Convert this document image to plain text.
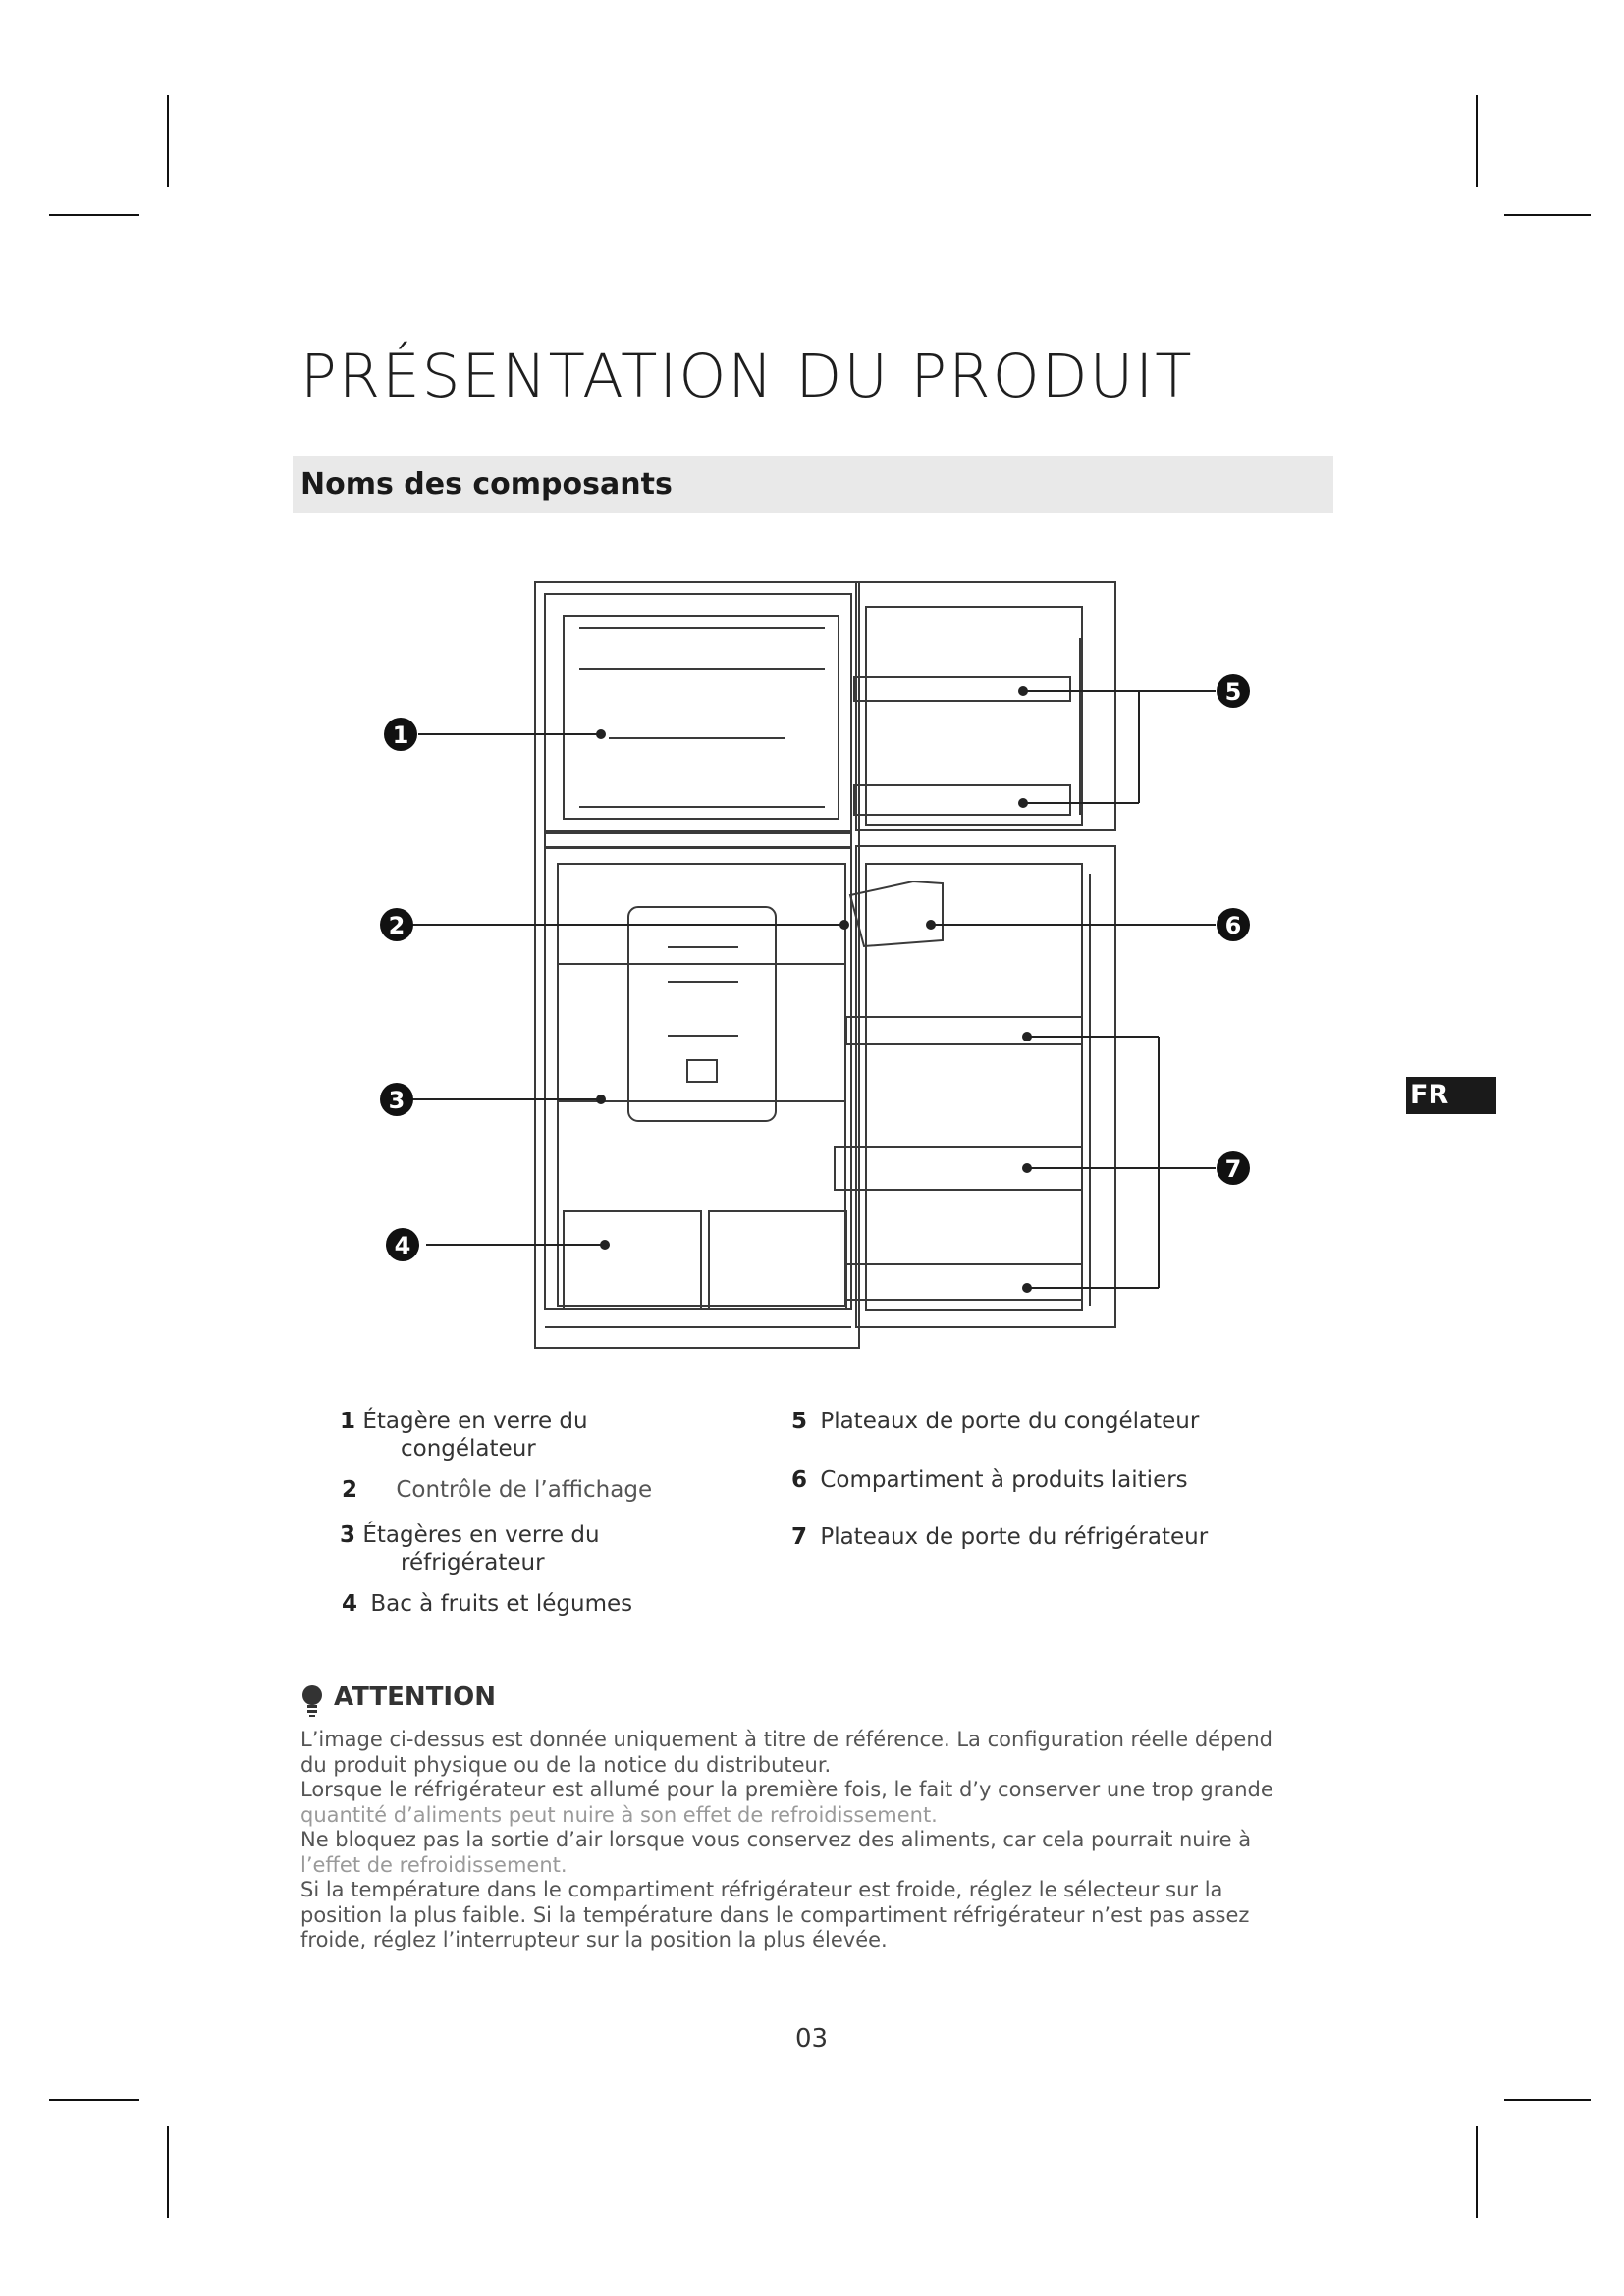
PRÉSENTATION DU PRODUIT
Noms des composants
FR
1
2
3
4
5
6
7
1 Étagère en verre du
congélateur
2 Contrôle de l’affichage
3 Étagères en verre du
réfrigérateur
4 Bac à fruits et légumes
5 Plateaux de porte du congélateur
6 Compartiment à produits laitiers
7 Plateaux de porte du réfrigérateur
ATTENTION

L’image ci-dessus est donnée uniquement à titre de référence. La configuration réelle dépend

du produit physique ou de la notice du distributeur.

Lorsque le réfrigérateur est allumé pour la première fois, le fait d’y conserver une trop grande

quantité d’aliments peut nuire à son effet de refroidissement.

Ne bloquez pas la sortie d’air lorsque vous conservez des aliments, car cela pourrait nuire à

l’effet de refroidissement.

Si la température dans le compartiment réfrigérateur est froide, réglez le sélecteur sur la

position la plus faible. Si la température dans le compartiment réfrigérateur n’est pas assez

froide, réglez l’interrupteur sur la position la plus élevée.

03
